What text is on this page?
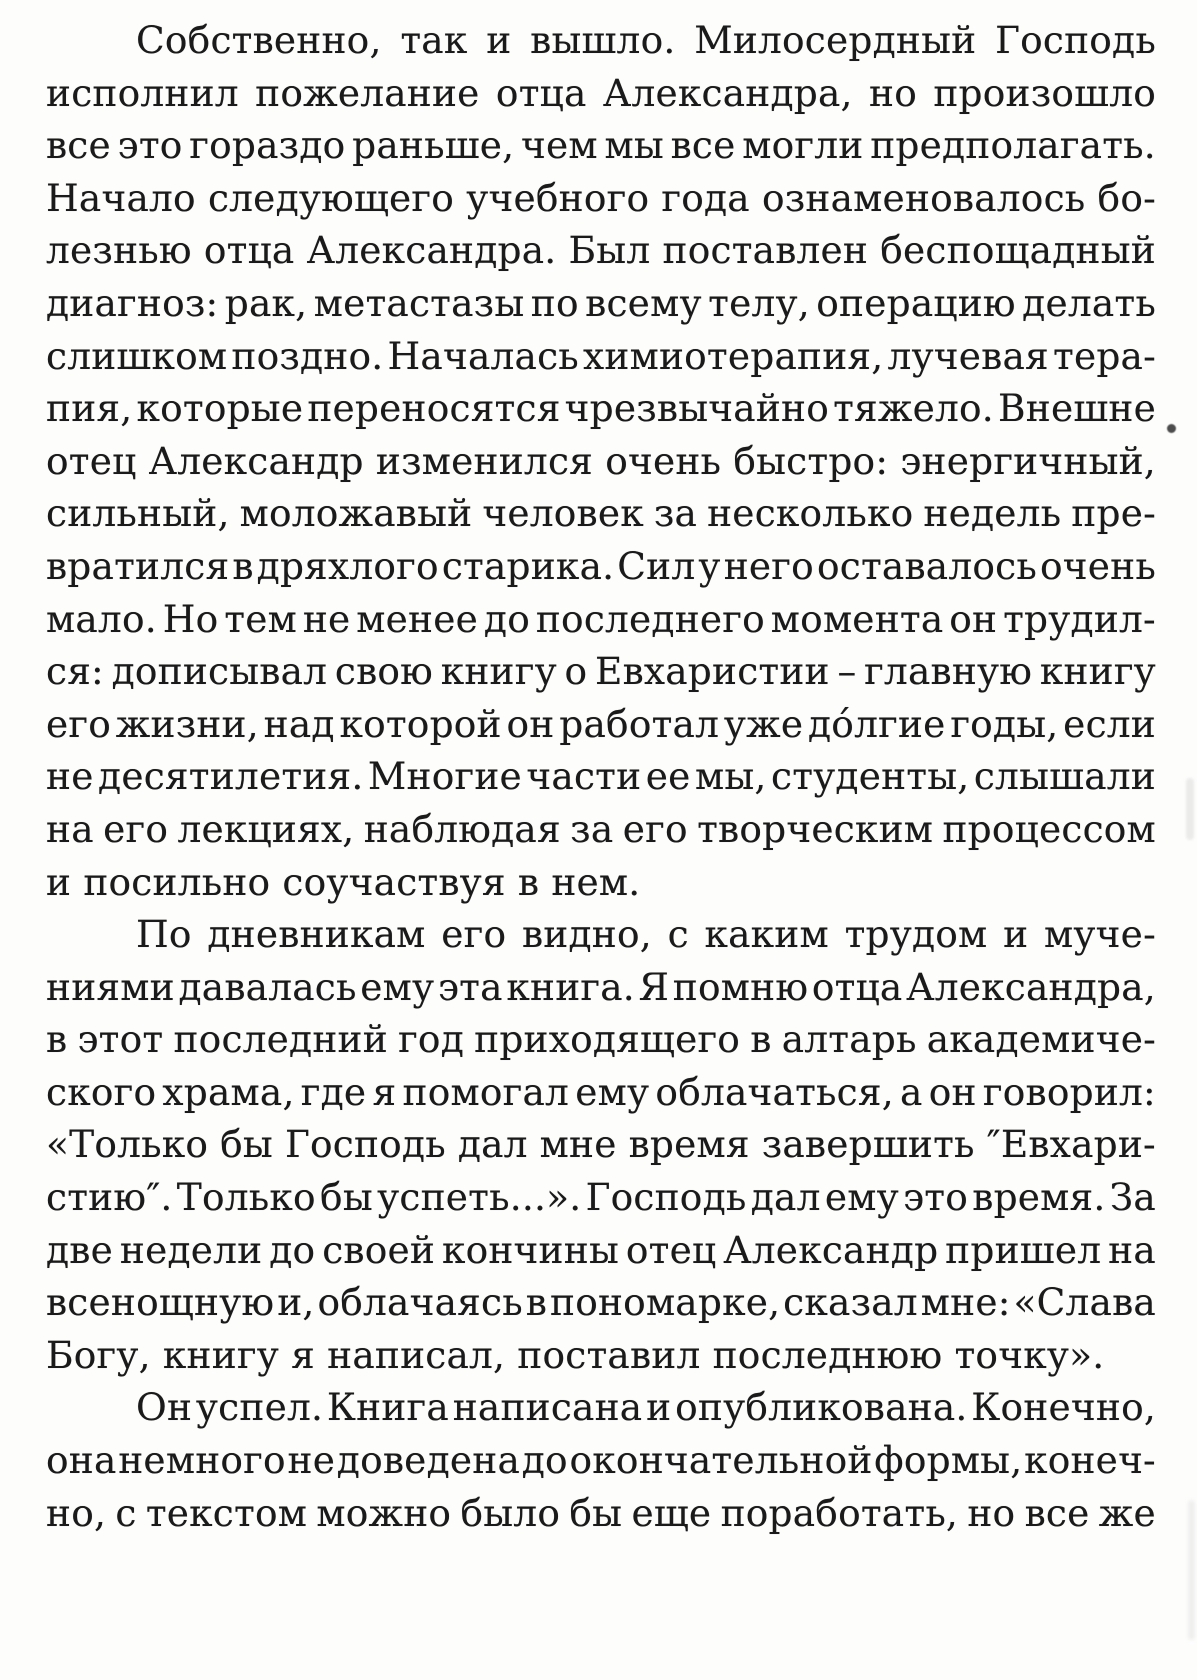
Собственно, так и вышло. Милосердный Господь
исполнил пожелание отца Александра, но произошло
все это гораздо раньше, чем мы все могли предполагать.
Начало следующего учебного года ознаменовалось бо-
лезнью отца Александра. Был поставлен беспощадный
диагноз: рак, метастазы по всему телу, операцию делать
слишком поздно. Началась химиотерапия, лучевая тера-
пия, которые переносятся чрезвычайно тяжело. Внешне
отец Александр изменился очень быстро: энергичный,
сильный, моложавый человек за несколько недель пре-
вратился в дряхлого старика. Сил у него оставалось очень
мало. Но тем не менее до последнего момента он трудил-
ся: дописывал свою книгу о Евхаристии – главную книгу
его жизни, над которой он работал уже до́лгие годы, если
не десятилетия. Многие части ее мы, студенты, слышали
на его лекциях, наблюдая за его творческим процессом
и посильно соучаствуя в нем.
По дневникам его видно, с каким трудом и муче-
ниями давалась ему эта книга. Я помню отца Александра,
в этот последний год приходящего в алтарь академиче-
ского храма, где я помогал ему облачаться, а он говорил:
«Только бы Господь дал мне время завершить ″Евхари-
стию″. Только бы успеть...». Господь дал ему это время. За
две недели до своей кончины отец Александр пришел на
всенощную и, облачаясь в пономарке, сказал мне: «Слава
Богу, книгу я написал, поставил последнюю точку».
Он успел. Книга написана и опубликована. Конечно,
она немного не доведена до окончательной формы, конеч-
но, с текстом можно было бы еще поработать, но все же
